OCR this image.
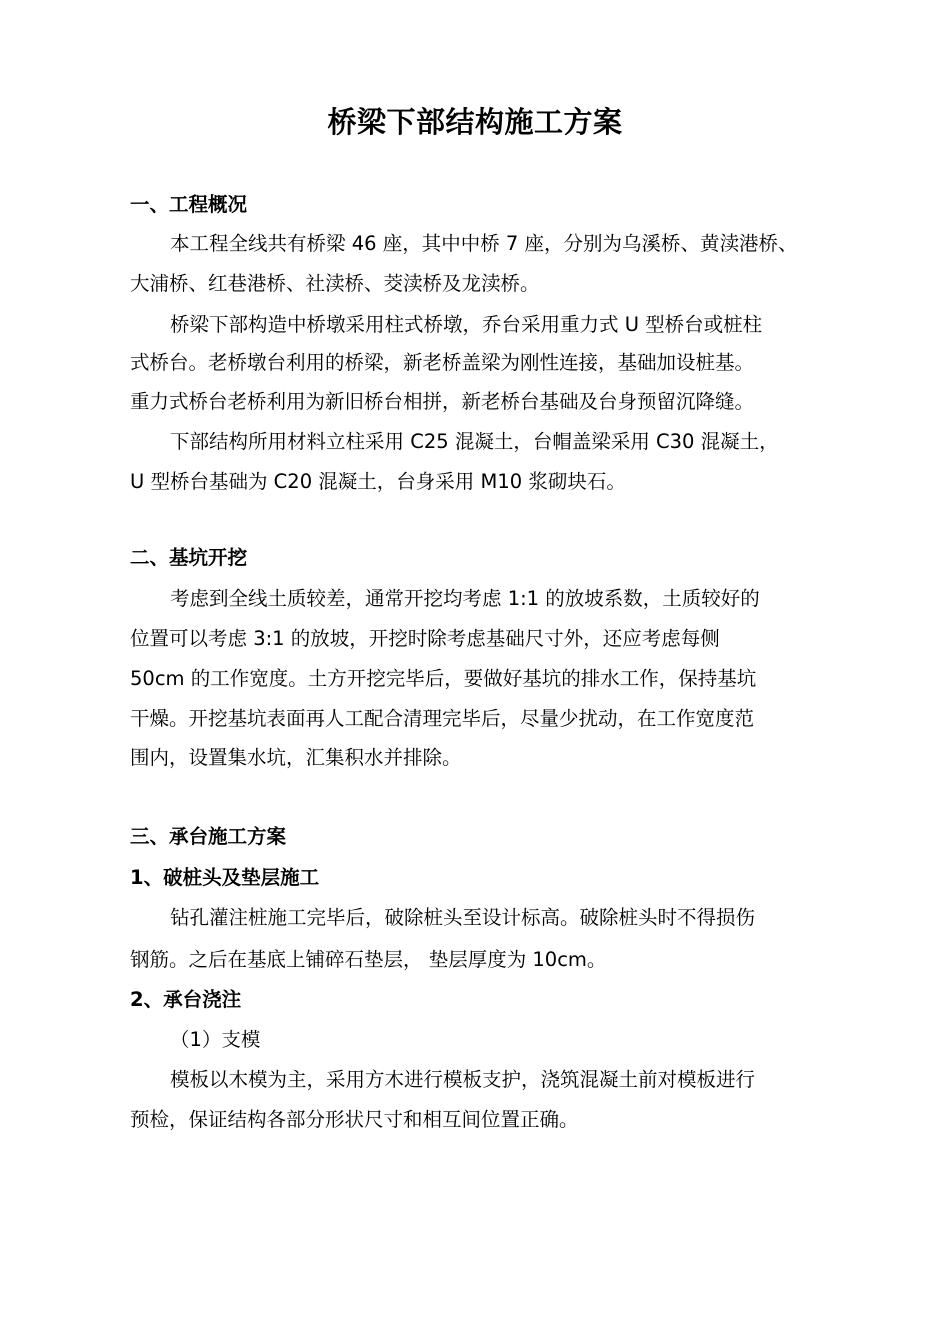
桥梁下部结构施工方案
一、工程概况
本工程全线共有桥梁 46 座，其中中桥 7 座，分别为乌溪桥、黄渎港桥、
大浦桥、红巷港桥、社渎桥、茭渎桥及龙渎桥。
桥梁下部构造中桥墩采用柱式桥墩，乔台采用重力式 U 型桥台或桩柱
式桥台。老桥墩台利用的桥梁，新老桥盖梁为刚性连接，基础加设桩基。
重力式桥台老桥利用为新旧桥台相拼，新老桥台基础及台身预留沉降缝。
下部结构所用材料立柱采用 C25 混凝土，台帽盖梁采用 C30 混凝土，
U 型桥台基础为 C20 混凝土，台身采用 M10 浆砌块石。
二、基坑开挖
考虑到全线土质较差，通常开挖均考虑 1:1 的放坡系数，土质较好的
位置可以考虑 3:1 的放坡，开挖时除考虑基础尺寸外，还应考虑每侧
50cm 的工作宽度。土方开挖完毕后，要做好基坑的排水工作，保持基坑
干燥。开挖基坑表面再人工配合清理完毕后，尽量少扰动，在工作宽度范
围内，设置集水坑，汇集积水并排除。
三、承台施工方案
1、破桩头及垫层施工
钻孔灌注桩施工完毕后，破除桩头至设计标高。破除桩头时不得损伤
钢筋。之后在基底上铺碎石垫层， 垫层厚度为 10cm。
2、承台浇注
（1）支模
模板以木模为主，采用方木进行模板支护，浇筑混凝土前对模板进行
预检，保证结构各部分形状尺寸和相互间位置正确。
